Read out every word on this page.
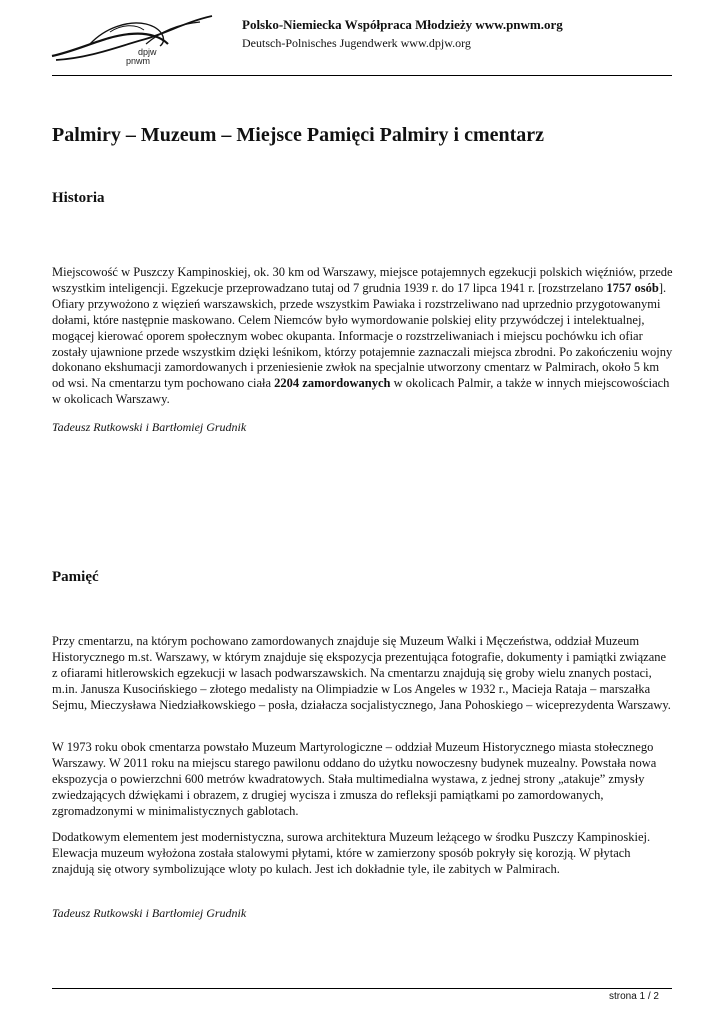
dpjw
pnwm
Polsko-Niemiecka Współpraca Młodzieży www.pnwm.org
Deutsch-Polnisches Jugendwerk www.dpjw.org
Palmiry – Muzeum – Miejsce Pamięci Palmiry i cmentarz
Historia

Miejscowość w Puszczy Kampinoskiej, ok. 30 km od Warszawy, miejsce potajemnych egzekucji polskich więźniów, przede wszystkim inteligencji. Egzekucje przeprowadzano tutaj od 7 grudnia 1939 r. do 17 lipca 1941 r. [rozstrzelano 1757 osób]. Ofiary przywożono z więzień warszawskich, przede wszystkim Pawiaka i rozstrzeliwano nad uprzednio przygotowanymi dołami, które następnie maskowano. Celem Niemców było wymordowanie polskiej elity przywódczej i intelektualnej, mogącej kierować oporem społecznym wobec okupanta. Informacje o rozstrzeliwaniach i miejscu pochówku ich ofiar zostały ujawnione przede wszystkim dzięki leśnikom, którzy potajemnie zaznaczali miejsca zbrodni. Po zakończeniu wojny dokonano ekshumacji zamordowanych i przeniesienie zwłok na specjalnie utworzony cmentarz w Palmirach, około 5 km od wsi. Na cmentarzu tym pochowano ciała 2204 zamordowanych w okolicach Palmir, a także w innych miejscowościach w okolicach Warszawy.

Tadeusz Rutkowski i Bartłomiej Grudnik

Pamięć

Przy cmentarzu, na którym pochowano zamordowanych znajduje się Muzeum Walki i Męczeństwa, oddział Muzeum Historycznego m.st. Warszawy, w którym znajduje się ekspozycja prezentująca fotografie, dokumenty i pamiątki związane z ofiarami hitlerowskich egzekucji w lasach podwarszawskich. Na cmentarzu znajdują się groby wielu znanych postaci, m.in. Janusza Kusocińskiego – złotego medalisty na Olimpiadzie w Los Angeles w 1932 r., Macieja Rataja – marszałka Sejmu, Mieczysława Niedziałkowskiego – posła, działacza socjalistycznego, Jana Pohoskiego – wiceprezydenta Warszawy.

W 1973 roku obok cmentarza powstało Muzeum Martyrologiczne – oddział Muzeum Historycznego miasta stołecznego Warszawy. W 2011 roku na miejscu starego pawilonu oddano do użytku nowoczesny budynek muzealny. Powstała nowa ekspozycja o powierzchni 600 metrów kwadratowych. Stała multimedialna wystawa, z jednej strony „atakuje” zmysły zwiedzających dźwiękami i obrazem, z drugiej wycisza i zmusza do refleksji pamiątkami po zamordowanych, zgromadzonymi w minimalistycznych gablotach.

Dodatkowym elementem jest modernistyczna, surowa architektura Muzeum leżącego w środku Puszczy Kampinoskiej. Elewacja muzeum wyłożona została stalowymi płytami, które w zamierzony sposób pokryły się korozją. W płytach znajdują się otwory symbolizujące wloty po kulach. Jest ich dokładnie tyle, ile zabitych w Palmirach.

Tadeusz Rutkowski i Bartłomiej Grudnik

strona 1 / 2
